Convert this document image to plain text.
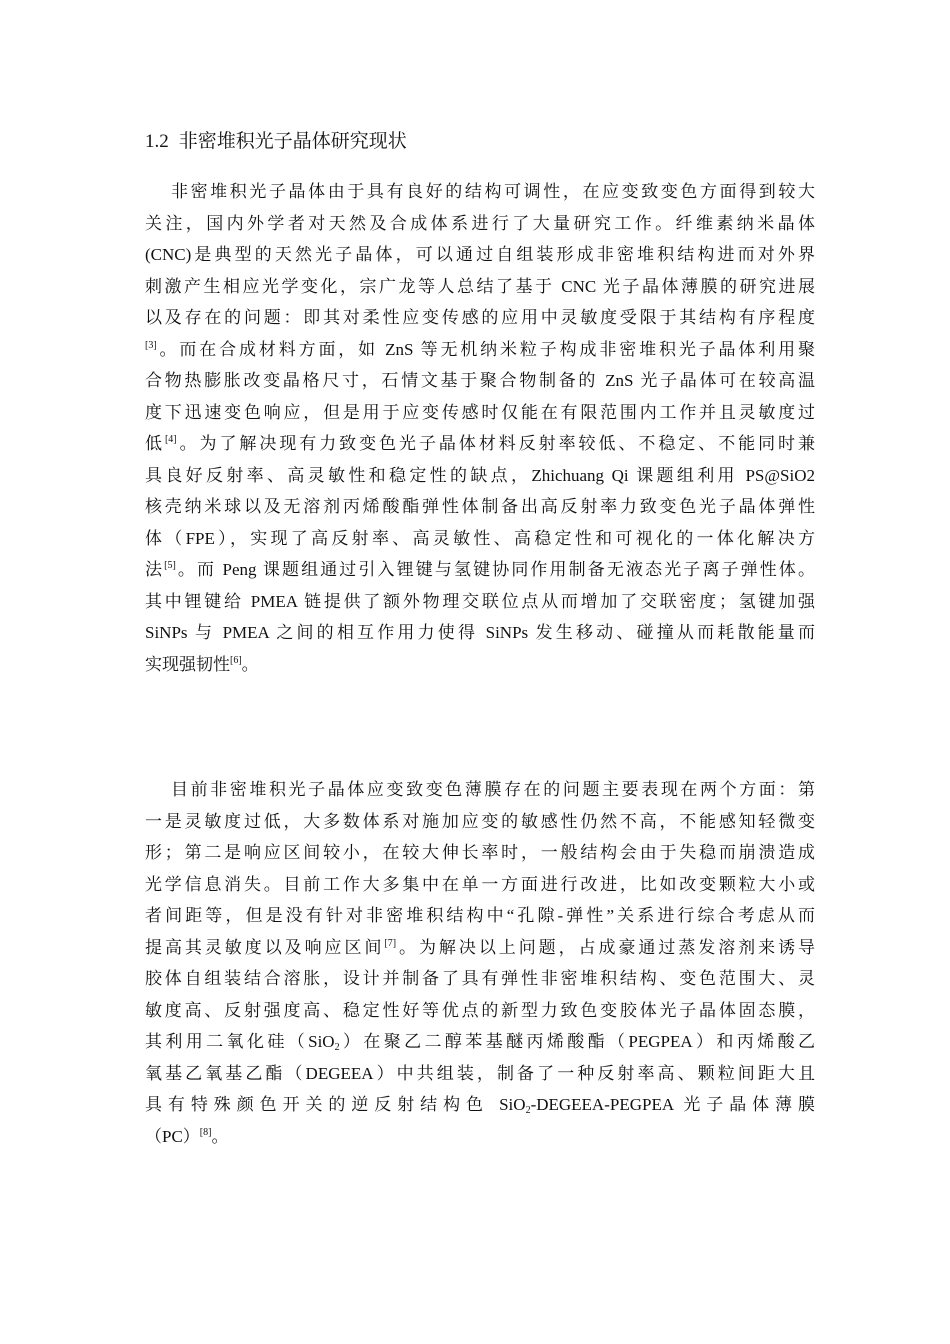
1.2 非密堆积光子晶体研究现状
非密堆积光子晶体由于具有良好的结构可调性，在应变致变色方面得到较大
关注，国内外学者对天然及合成体系进行了大量研究工作。纤维素纳米晶体
(CNC)是典型的天然光子晶体，可以通过自组装形成非密堆积结构进而对外界
刺激产生相应光学变化，宗广龙等人总结了基于 CNC 光子晶体薄膜的研究进展
以及存在的问题：即其对柔性应变传感的应用中灵敏度受限于其结构有序程度
[3]。而在合成材料方面，如 ZnS 等无机纳米粒子构成非密堆积光子晶体利用聚
合物热膨胀改变晶格尺寸，石情文基于聚合物制备的 ZnS 光子晶体可在较高温
度下迅速变色响应，但是用于应变传感时仅能在有限范围内工作并且灵敏度过
低[4]。为了解决现有力致变色光子晶体材料反射率较低、不稳定、不能同时兼
具良好反射率、高灵敏性和稳定性的缺点，Zhichuang Qi 课题组利用 PS@SiO2
核壳纳米球以及无溶剂丙烯酸酯弹性体制备出高反射率力致变色光子晶体弹性
体（FPE），实现了高反射率、高灵敏性、高稳定性和可视化的一体化解决方
法[5]。而 Peng 课题组通过引入锂键与氢键协同作用制备无液态光子离子弹性体。
其中锂键给 PMEA 链提供了额外物理交联位点从而增加了交联密度；氢键加强
SiNPs 与 PMEA 之间的相互作用力使得 SiNPs 发生移动、碰撞从而耗散能量而
实现强韧性[6]。
目前非密堆积光子晶体应变致变色薄膜存在的问题主要表现在两个方面：第
一是灵敏度过低，大多数体系对施加应变的敏感性仍然不高，不能感知轻微变
形；第二是响应区间较小，在较大伸长率时，一般结构会由于失稳而崩溃造成
光学信息消失。目前工作大多集中在单一方面进行改进，比如改变颗粒大小或
者间距等，但是没有针对非密堆积结构中“孔隙-弹性”关系进行综合考虑从而
提高其灵敏度以及响应区间[7]。为解决以上问题，占成豪通过蒸发溶剂来诱导
胶体自组装结合溶胀，设计并制备了具有弹性非密堆积结构、变色范围大、灵
敏度高、反射强度高、稳定性好等优点的新型力致色变胶体光子晶体固态膜，
其利用二氧化硅（SiO$_2$）在聚乙二醇苯基醚丙烯酸酯（PEGPEA）和丙烯酸乙
氧基乙氧基乙酯（DEGEEA）中共组装，制备了一种反射率高、颗粒间距大且
具有特殊颜色开关的逆反射结构色 SiO$_2$-DEGEEA-PEGPEA 光子晶体薄膜
（PC）[8]。
